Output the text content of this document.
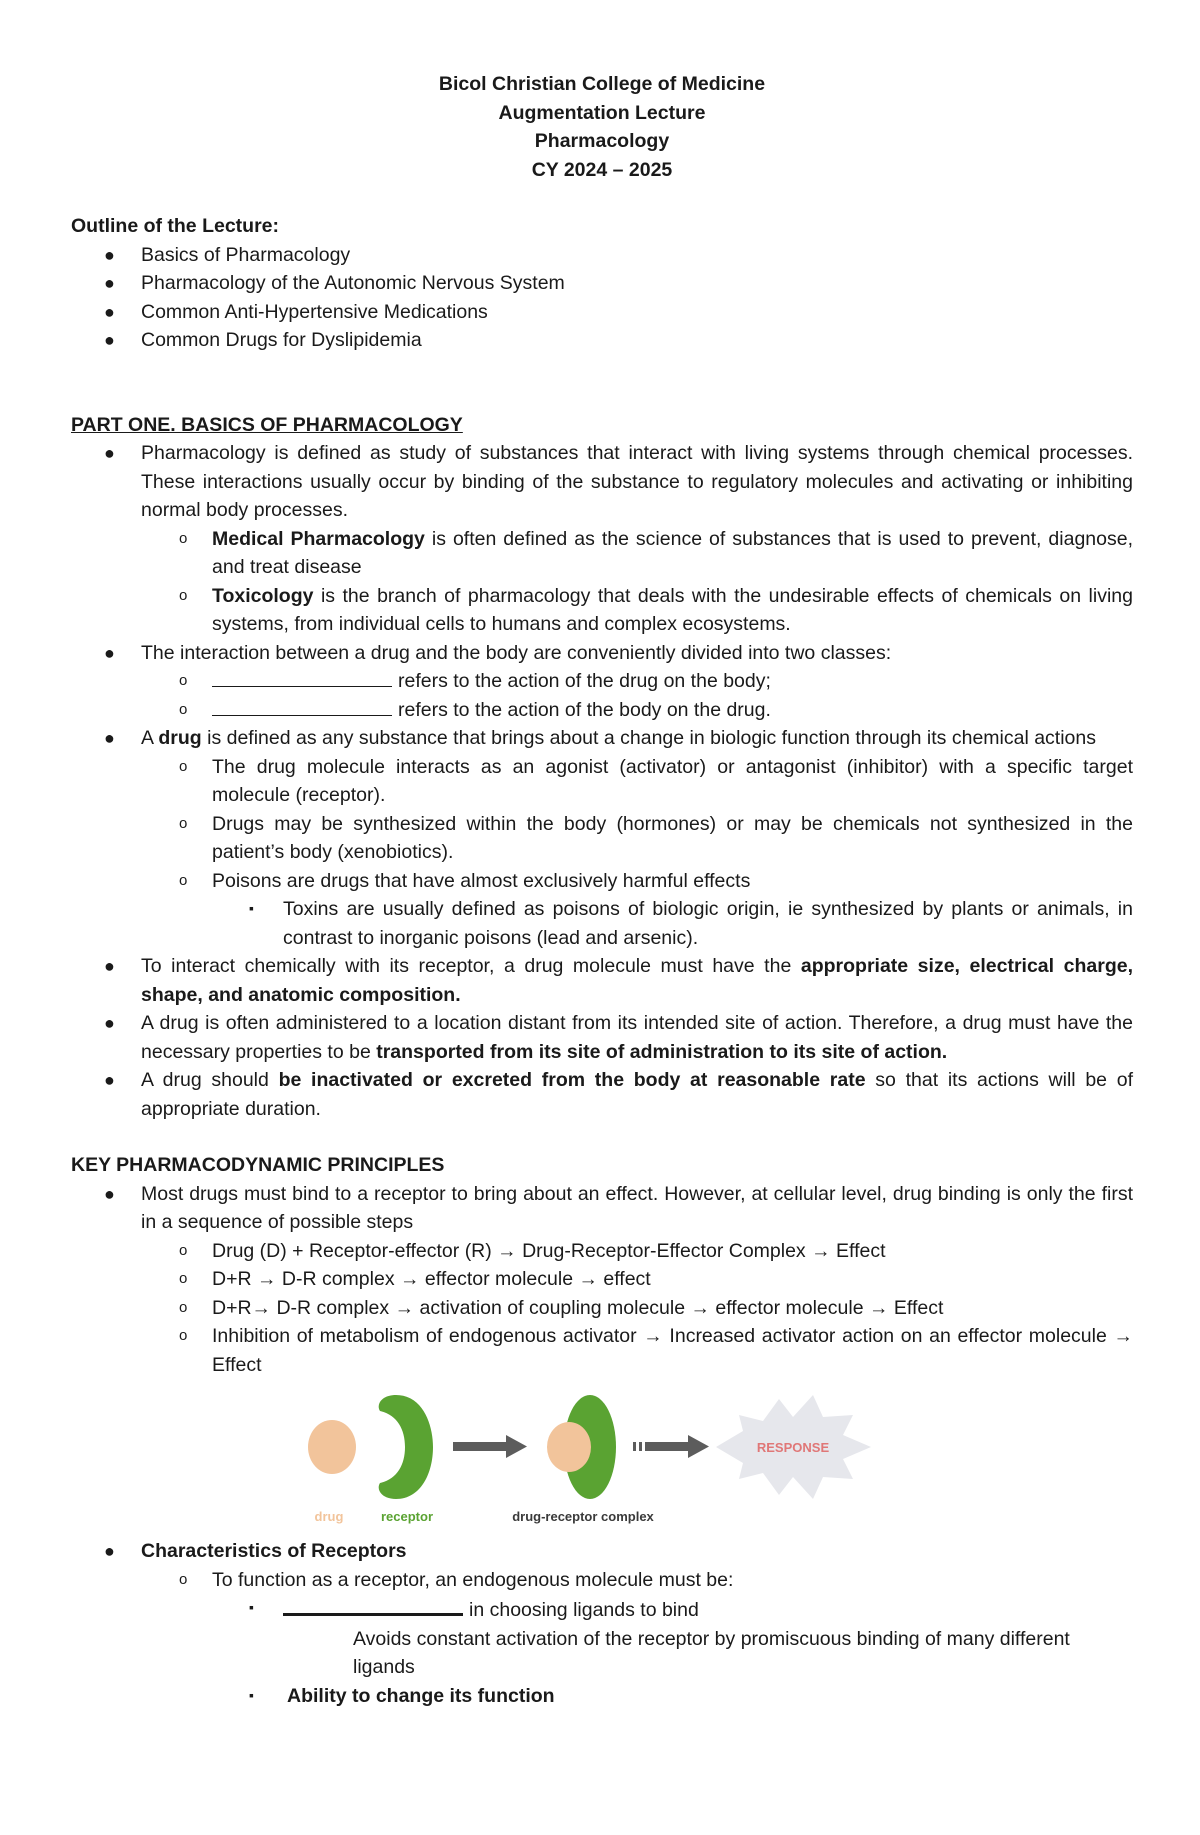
Bicol Christian College of Medicine
Augmentation Lecture
Pharmacology
CY 2024 – 2025
Outline of the Lecture:
● Basics of Pharmacology
● Pharmacology of the Autonomic Nervous System
● Common Anti-Hypertensive Medications
● Common Drugs for Dyslipidemia
PART ONE. BASICS OF PHARMACOLOGY
● Pharmacology is defined as study of substances that interact with living systems through chemical processes. These interactions usually occur by binding of the substance to regulatory molecules and activating or inhibiting normal body processes.
o Medical Pharmacology is often defined as the science of substances that is used to prevent, diagnose, and treat disease
o Toxicology is the branch of pharmacology that deals with the undesirable effects of chemicals on living systems, from individual cells to humans and complex ecosystems.
● The interaction between a drug and the body are conveniently divided into two classes:
o	refers to the action of the drug on the body;
o	refers to the action of the body on the drug.
● A drug is defined as any substance that brings about a change in biologic function through its chemical actions
o The drug molecule interacts as an agonist (activator) or antagonist (inhibitor) with a specific target molecule (receptor).
o Drugs may be synthesized within the body (hormones) or may be chemicals not synthesized in the patient’s body (xenobiotics).
o Poisons are drugs that have almost exclusively harmful effects
▪ Toxins are usually defined as poisons of biologic origin, ie synthesized by plants or animals, in contrast to inorganic poisons (lead and arsenic).
● To interact chemically with its receptor, a drug molecule must have the appropriate size, electrical charge, shape, and anatomic composition.
● A drug is often administered to a location distant from its intended site of action. Therefore, a drug must have the necessary properties to be transported from its site of administration to its site of action.
● A drug should be inactivated or excreted from the body at reasonable rate so that its actions will be of appropriate duration.
KEY PHARMACODYNAMIC PRINCIPLES
● Most drugs must bind to a receptor to bring about an effect. However, at cellular level, drug binding is only the first in a sequence of possible steps
o Drug (D) + Receptor-effector (R) → Drug-Receptor-Effector Complex → Effect
o D+R → D-R complex → effector molecule → effect
o D+R→ D-R complex → activation of coupling molecule → effector molecule → Effect
o Inhibition of metabolism of endogenous activator → Increased activator action on an effector molecule → Effect
RESPONSE
drug	receptor	drug-receptor complex
● Characteristics of Receptors
o To function as a receptor, an endogenous molecule must be:
▪	in choosing ligands to bind
Avoids constant activation of the receptor by promiscuous binding of many different ligands
▪ Ability to change its function
